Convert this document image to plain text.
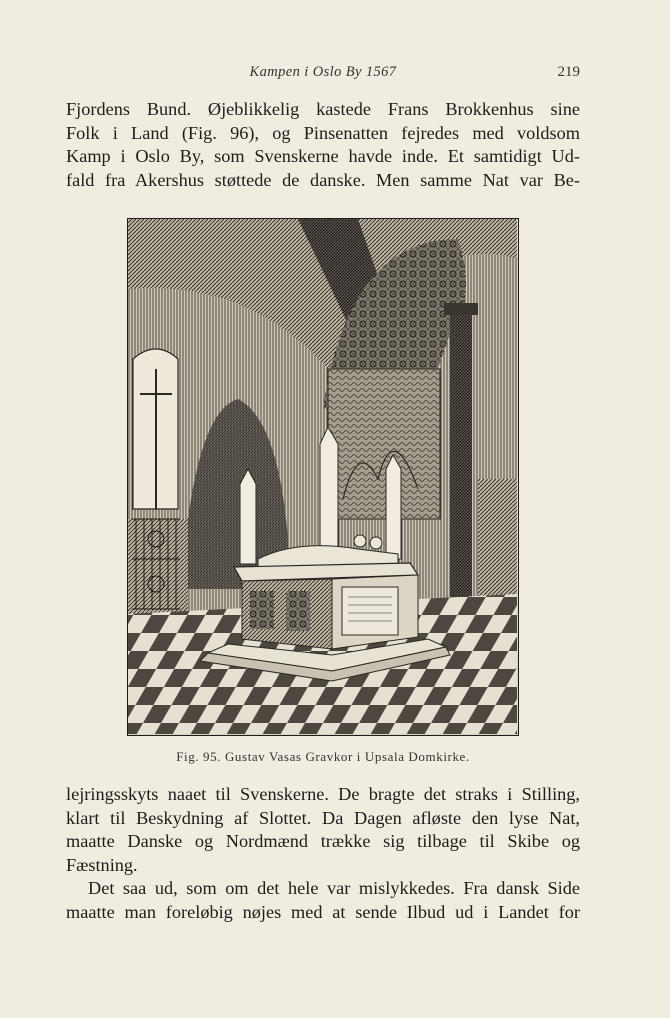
Kampen i Oslo By 1567	219
Fjordens Bund. Øjeblikkelig kastede Frans Brokkenhus sine
Folk i Land (Fig. 96), og Pinsenatten fejredes med voldsom
Kamp i Oslo By, som Svenskerne havde inde. Et samtidigt Ud-
fald fra Akershus støttede de danske. Men samme Nat var Be-
Fig. 95. Gustav Vasas Gravkor i Upsala Domkirke.
lejringsskyts naaet til Svenskerne. De bragte det straks i Stilling,
klart til Beskydning af Slottet. Da Dagen afløste den lyse Nat,
maatte Danske og Nordmænd trække sig tilbage til Skibe og
Fæstning.
Det saa ud, som om det hele var mislykkedes. Fra dansk Side
maatte man foreløbig nøjes med at sende Ilbud ud i Landet for
